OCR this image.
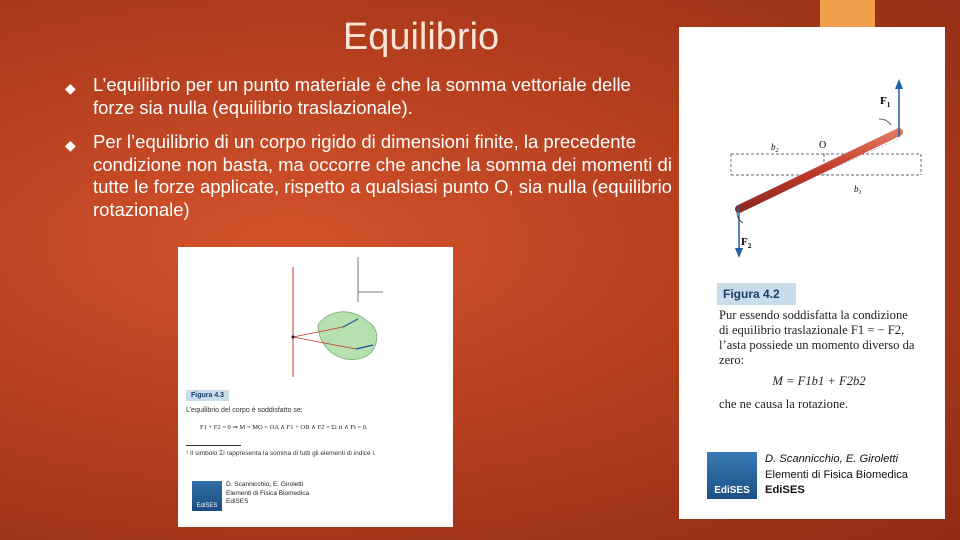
Equilibrio
◆ L’equilibrio per un punto materiale è che la somma vettoriale delle forze sia nulla (equilibrio traslazionale).
◆ Per l’equilibrio di un corpo rigido di dimensioni finite, la precedente condizione non basta, ma occorre che anche la somma dei momenti di tutte le forze applicate, rispetto a qualsiasi punto O, sia nulla (equilibrio rotazionale)
Figura 4.3
L’equilibrio del corpo è soddisfatto se:
F1 + F2 = 0 ⇒ M = MO = OA ∧ F1 + OB ∧ F2 = Σi ri ∧ Fi = 0.
¹ Il simbolo Σi rappresenta la somma di tutti gli elementi di indice i.
EdiSES
D. Scannicchio, E. Giroletti
Elementi di Fisica Biomedica
EdiSES
$F_1$
$F_2$
O
$b_2$
$b_1$
Figura 4.2

Pur essendo soddisfatta la condizione di equilibrio traslazionale F1 = − F2, l’asta possiede un momento diverso da zero:

M = F1b1 + F2b2

che ne causa la rotazione.

EdiSES
D. Scannicchio, E. Giroletti
Elementi di Fisica Biomedica
EdiSES
